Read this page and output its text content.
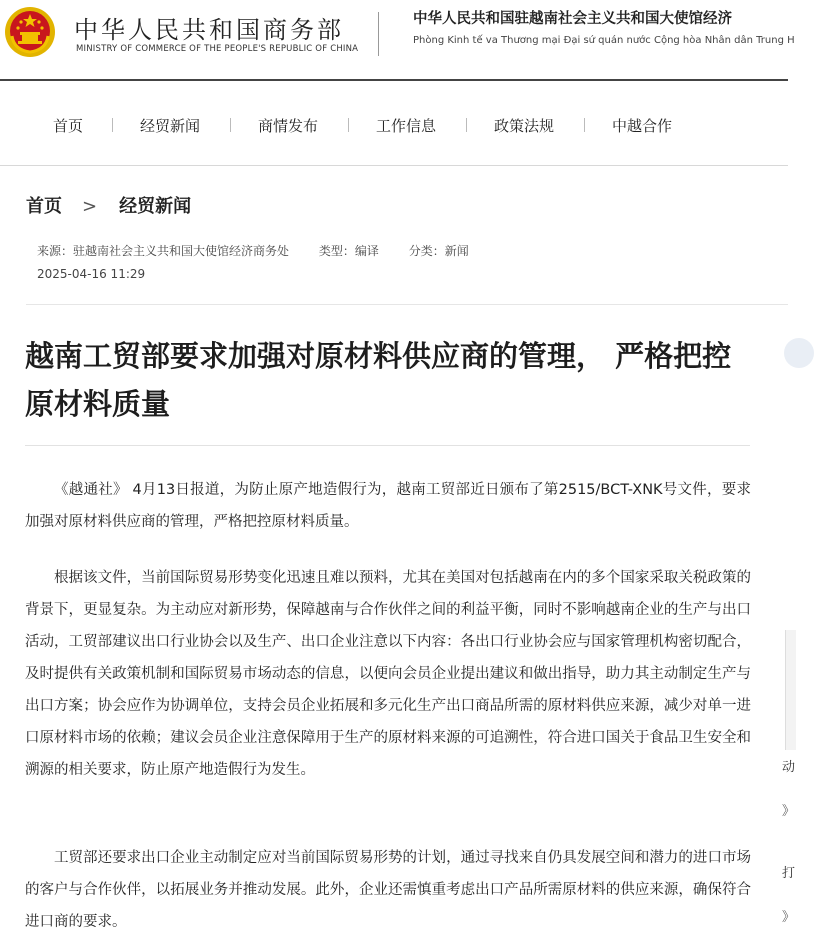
中华人民共和国商务部
MINISTRY OF COMMERCE OF THE PEOPLE'S REPUBLIC OF CHINA
中华人民共和国驻越南社会主义共和国大使馆经济
Phòng Kinh tế va Thương mại Đại sứ quán nước Cộng hòa Nhân dân Trung H
首页	经贸新闻	商情发布	工作信息	政策法规	中越合作
首页 > 经贸新闻
来源：驻越南社会主义共和国大使馆经济商务处 类型：编译 分类：新闻
2025-04-16 11:29
越南工贸部要求加强对原材料供应商的管理， 严格把控原材料质量

《越通社》 4月13日报道，为防止原产地造假行为，越南工贸部近日颁布了第2515/BCT-XNK号文件，要求加强对原材料供应商的管理，严格把控原材料质量。

根据该文件，当前国际贸易形势变化迅速且难以预料，尤其在美国对包括越南在内的多个国家采取关税政策的背景下，更显复杂。为主动应对新形势，保障越南与合作伙伴之间的利益平衡，同时不影响越南企业的生产与出口活动，工贸部建议出口行业协会以及生产、出口企业注意以下内容：各出口行业协会应与国家管理机构密切配合，及时提供有关政策机制和国际贸易市场动态的信息，以便向会员企业提出建议和做出指导，助力其主动制定生产与出口方案；协会应作为协调单位，支持会员企业拓展和多元化生产出口商品所需的原材料供应来源，减少对单一进口原材料市场的依赖；建议会员企业注意保障用于生产的原材料来源的可追溯性，符合进口国关于食品卫生安全和溯源的相关要求，防止原产地造假行为发生。

工贸部还要求出口企业主动制定应对当前国际贸易形势的计划，通过寻找来自仍具发展空间和潜力的进口市场的客户与合作伙伴，以拓展业务并推动发展。此外，企业还需慎重考虑出口产品所需原材料的供应来源，确保符合进口商的要求。

动
》
打
》
